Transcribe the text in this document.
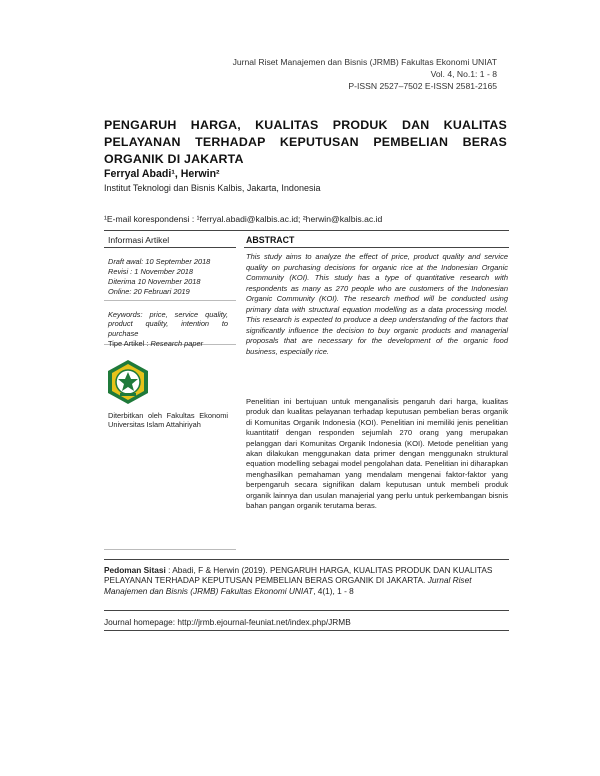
Jurnal Riset Manajemen dan Bisnis (JRMB) Fakultas Ekonomi UNIAT
Vol. 4, No.1: 1 - 8
P-ISSN 2527–7502 E-ISSN 2581-2165
PENGARUH HARGA, KUALITAS PRODUK DAN KUALITAS PELAYANAN TERHADAP KEPUTUSAN PEMBELIAN BERAS ORGANIK DI JAKARTA
Ferryal Abadi¹, Herwin²
Institut Teknologi dan Bisnis Kalbis, Jakarta, Indonesia
¹E-mail korespondensi : ¹ferryal.abadi@kalbis.ac.id; ²herwin@kalbis.ac.id
Informasi Artikel	ABSTRACT
Draft awal: 10 September 2018
Revisi : 1 November 2018
Diterima 10 November 2018
Online: 20 Februari 2019
Keywords: price, service quality, product quality, intention to purchase
Tipe Artikel : Research paper
Diterbitkan oleh Fakultas Ekonomi Universitas Islam Attahiriyah
This study aims to analyze the effect of price, product quality and service quality on purchasing decisions for organic rice at the Indonesian Organic Community (KOI). This study has a type of quantitative research with respondents as many as 270 people who are customers of the Indonesian Organic Community (KOI). The research method will be conducted using primary data with structural equation modelling as a data processing model. This research is expected to produce a deep understanding of the factors that significantly influence the decision to buy organic products and managerial proposals that are necessary for the development of the organic food business, especially rice.
Penelitian ini bertujuan untuk menganalisis pengaruh dari harga, kualitas produk dan kualitas pelayanan terhadap keputusan pembelian beras organik di Komunitas Organik Indonesia (KOI). Penelitian ini memiliki jenis penelitian kuantitatif dengan responden sejumlah 270 orang yang merupakan pelanggan dari Komunitas Organik Indonesia (KOI). Metode penelitian yang akan dilakukan menggunakan data primer dengan menggunakn struktural equation modelling sebagai model pengolahan data. Penelitian ini diharapkan menghasilkan pemahaman yang mendalam mengenai faktor-faktor yang berpengaruh secara signifikan dalam keputusan untuk membeli produk organik lainnya dan usulan manajerial yang perlu untuk perkembangan bisnis bahan pangan organik terutama beras.
Pedoman Sitasi : Abadi, F & Herwin (2019). PENGARUH HARGA, KUALITAS PRODUK DAN KUALITAS PELAYANAN TERHADAP KEPUTUSAN PEMBELIAN BERAS ORGANIK DI JAKARTA. Jurnal Riset Manajemen dan Bisnis (JRMB) Fakultas Ekonomi UNIAT, 4(1), 1 - 8
Journal homepage: http://jrmb.ejournal-feuniat.net/index.php/JRMB
